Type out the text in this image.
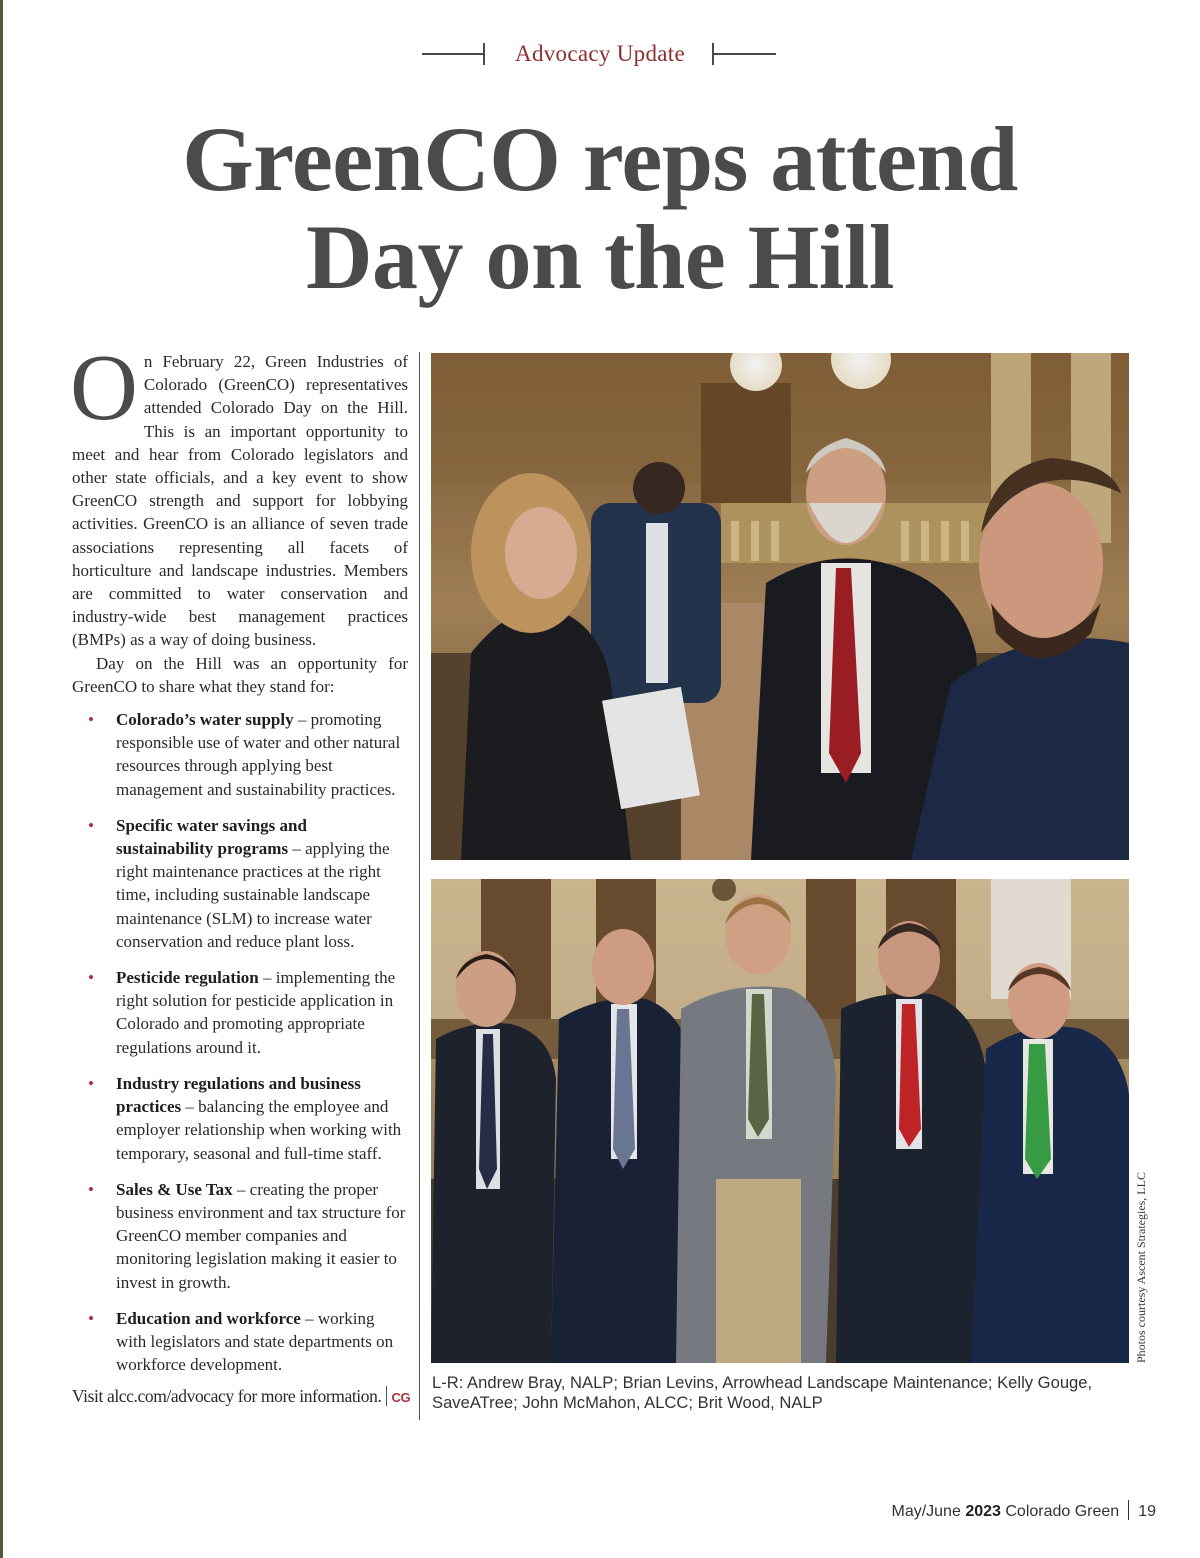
Advocacy Update
GreenCO reps attend
Day on the Hill

On February 22, Green Industries of Colorado (GreenCO) representatives attended Colorado Day on the Hill. This is an important opportunity to meet and hear from Colorado legislators and other state officials, and a key event to show GreenCO strength and support for lobbying activities. GreenCO is an alliance of seven trade associations representing all facets of horticulture and landscape industries. Members are committed to water conservation and industry-wide best management practices (BMPs) as a way of doing business.

Day on the Hill was an opportunity for GreenCO to share what they stand for:

• Colorado’s water supply – promoting responsible use of water and other natural resources through applying best management and sustainability practices.
• Specific water savings and sustainability programs – applying the right maintenance practices at the right time, including sustainable landscape maintenance (SLM) to increase water conservation and reduce plant loss.
• Pesticide regulation – implementing the right solution for pesticide application in Colorado and promoting appropriate regulations around it.
• Industry regulations and business practices – balancing the employee and employer relationship when working with temporary, seasonal and full-time staff.
• Sales & Use Tax – creating the proper business environment and tax structure for GreenCO member companies and monitoring legislation making it easier to invest in growth.
• Education and workforce – working with legislators and state departments on workforce development.
Visit alcc.com/advocacy for more information. CG
Photos courtesy Ascent Strategies, LLC
L-R: Andrew Bray, NALP; Brian Levins, Arrowhead Landscape Maintenance; Kelly Gouge, SaveATree; John McMahon, ALCC; Brit Wood, NALP
May/June 2023 Colorado Green 19
